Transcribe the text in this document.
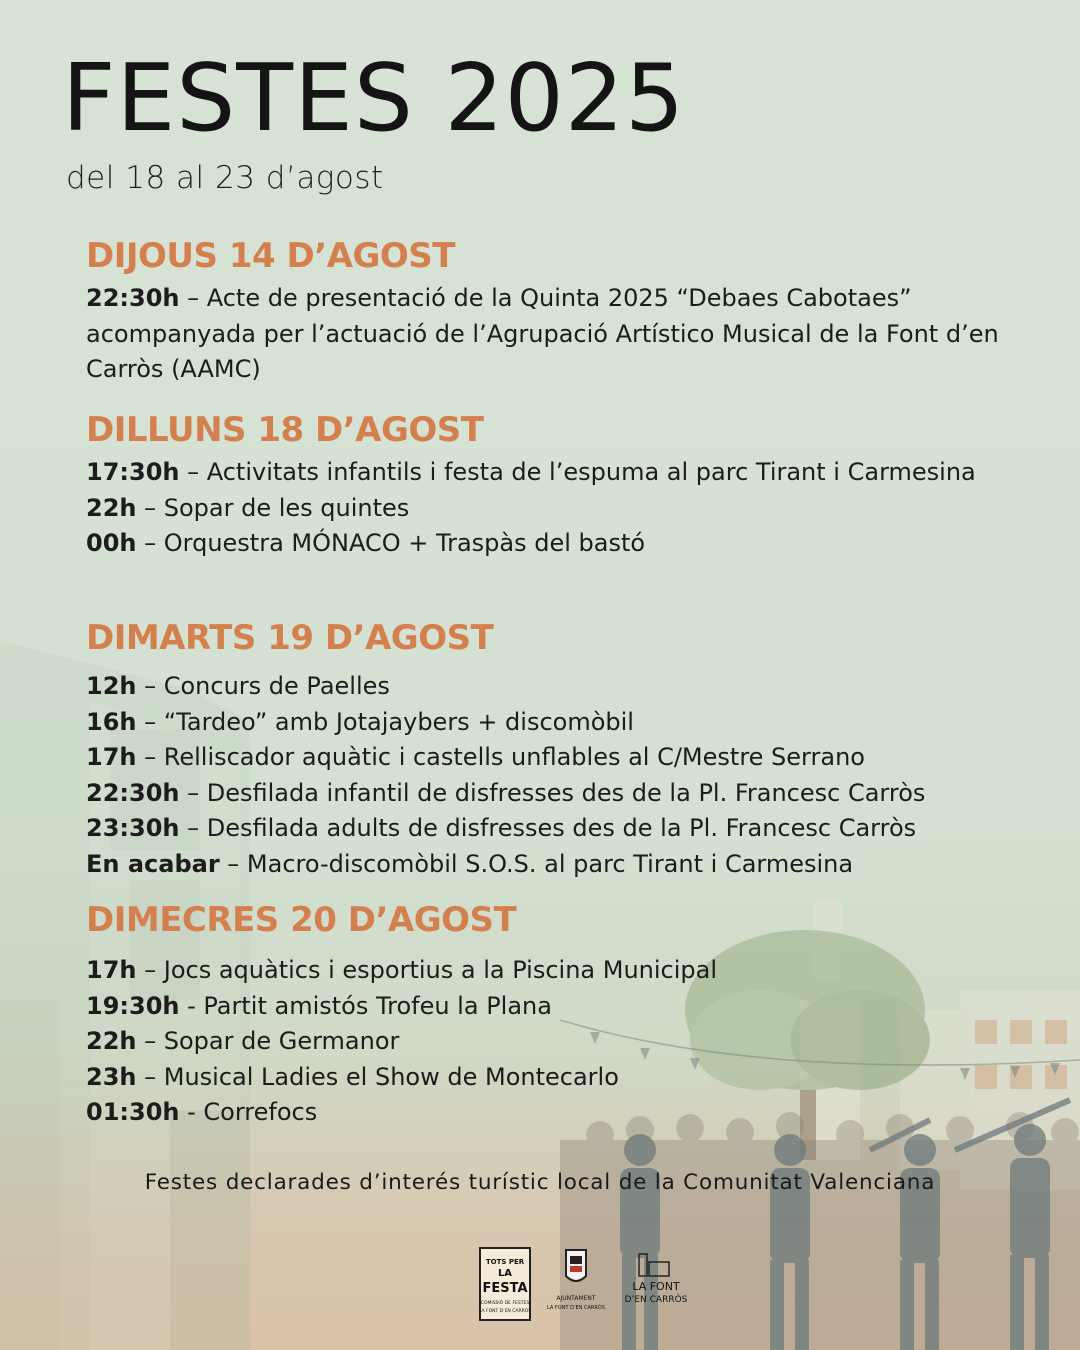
FESTES 2025

del 18 al 23 d’agost

DIJOUS 14 D’AGOST
22:30h – Acte de presentació de la Quinta 2025 “Debaes Cabotaes” acompanyada per l’actuació de l’Agrupació Artístico Musical de la Font d’en Carròs (AAMC)
DILLUNS 18 D’AGOST
17:30h – Activitats infantils i festa de l’espuma al parc Tirant i Carmesina
22h – Sopar de les quintes
00h – Orquestra MÓNACO + Traspàs del bastó
DIMARTS 19 D’AGOST
12h – Concurs de Paelles
16h – “Tardeo” amb Jotajaybers + discomòbil
17h – Relliscador aquàtic i castells unflables al C/Mestre Serrano
22:30h – Desfilada infantil de disfresses des de la Pl. Francesc Carròs
23:30h – Desfilada adults de disfresses des de la Pl. Francesc Carròs
En acabar – Macro-discomòbil S.O.S. al parc Tirant i Carmesina
DIMECRES 20 D’AGOST
17h – Jocs aquàtics i esportius a la Piscina Municipal
19:30h - Partit amistós Trofeu la Plana
22h – Sopar de Germanor
23h – Musical Ladies el Show de Montecarlo
01:30h - Correfocs

Festes declarades d’interés turístic local de la Comunitat Valenciana

TOTS PER
LA
FESTA
COMISSIÓ DE FESTES
LA FONT D’EN CARRÒS
AJUNTAMENT
LA FONT D’EN CARRÒS
LA FONT
D’EN CARRÒS
